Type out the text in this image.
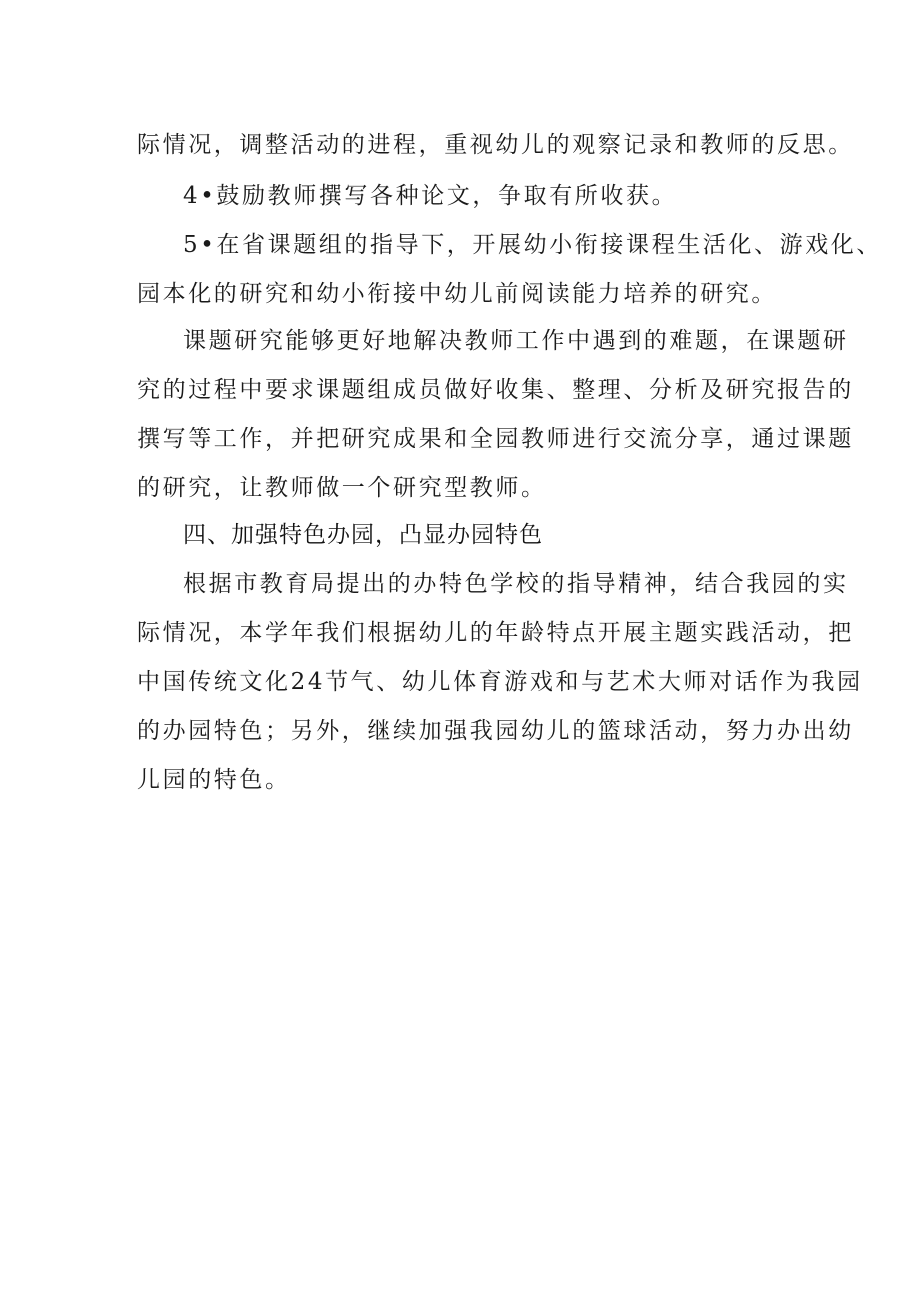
际情况，调整活动的进程，重视幼儿的观察记录和教师的反思。
4•鼓励教师撰写各种论文，争取有所收获。
5•在省课题组的指导下，开展幼小衔接课程生活化、游戏化、
园本化的研究和幼小衔接中幼儿前阅读能力培养的研究。
课题研究能够更好地解决教师工作中遇到的难题，在课题研
究的过程中要求课题组成员做好收集、整理、分析及研究报告的
撰写等工作，并把研究成果和全园教师进行交流分享，通过课题
的研究，让教师做一个研究型教师。
四、加强特色办园，凸显办园特色
根据市教育局提出的办特色学校的指导精神，结合我园的实
际情况，本学年我们根据幼儿的年龄特点开展主题实践活动，把
中国传统文化24节气、幼儿体育游戏和与艺术大师对话作为我园
的办园特色；另外，继续加强我园幼儿的篮球活动，努力办出幼
儿园的特色。
